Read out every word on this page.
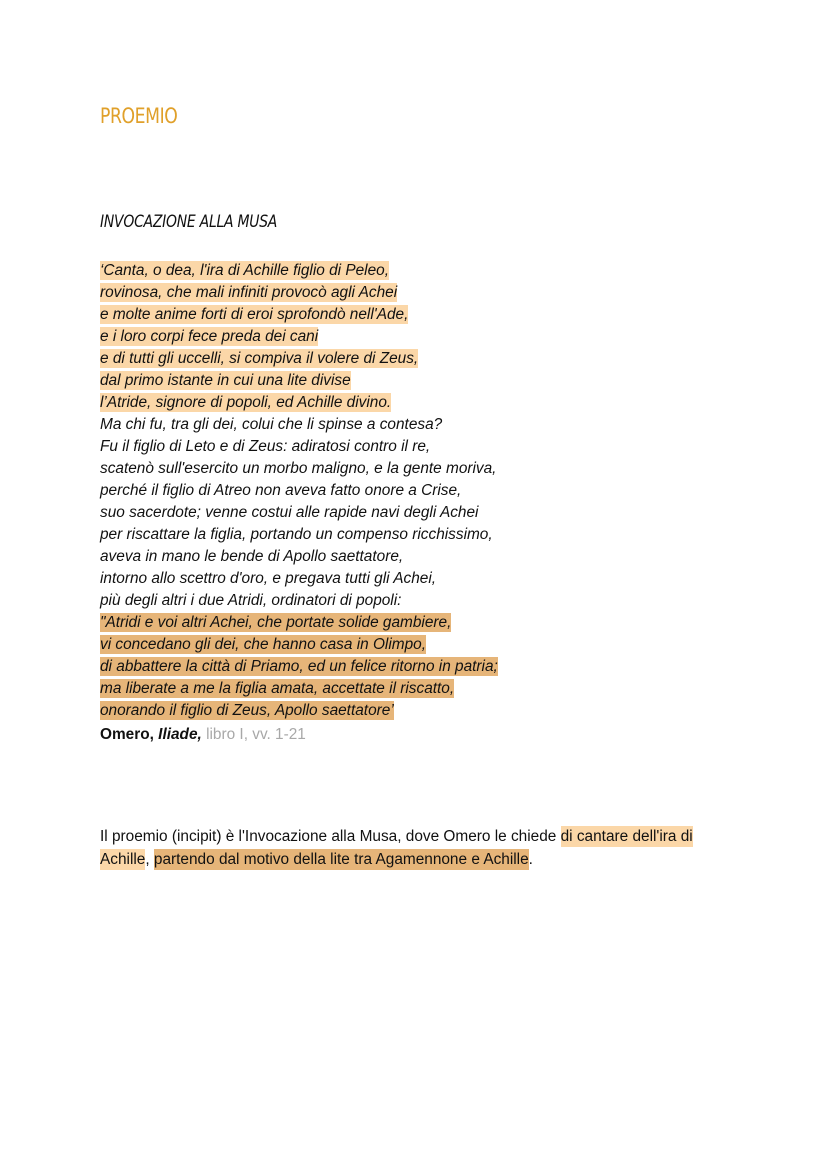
PROEMIO
INVOCAZIONE ALLA MUSA
‘Canta, o dea, l'ira di Achille figlio di Peleo,
rovinosa, che mali infiniti provocò agli Achei
e molte anime forti di eroi sprofondò nell'Ade,
e i loro corpi fece preda dei cani
e di tutti gli uccelli, si compiva il volere di Zeus,
dal primo istante in cui una lite divise
l’Atride, signore di popoli, ed Achille divino.
Ma chi fu, tra gli dei, colui che li spinse a contesa?
Fu il figlio di Leto e di Zeus: adiratosi contro il re,
scatenò sull'esercito un morbo maligno, e la gente moriva,
perché il figlio di Atreo non aveva fatto onore a Crise,
suo sacerdote; venne costui alle rapide navi degli Achei
per riscattare la figlia, portando un compenso ricchissimo,
aveva in mano le bende di Apollo saettatore,
intorno allo scettro d'oro, e pregava tutti gli Achei,
più degli altri i due Atridi, ordinatori di popoli:
"Atridi e voi altri Achei, che portate solide gambiere,
vi concedano gli dei, che hanno casa in Olimpo,
di abbattere la città di Priamo, ed un felice ritorno in patria;
ma liberate a me la figlia amata, accettate il riscatto,
onorando il figlio di Zeus, Apollo saettatore’
Omero, Iliade, libro I, vv. 1-21

Il proemio (incipit) è l'Invocazione alla Musa, dove Omero le chiede di cantare dell'ira di Achille, partendo dal motivo della lite tra Agamennone e Achille.
